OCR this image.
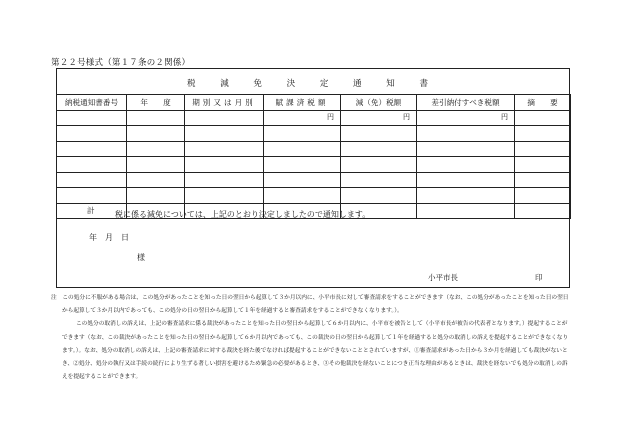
第２２号様式（第１７条の２関係）
税 減 免 決 定 通 知 書
納税通知書番号	年　　度	期別又は月別	賦課済税額	減（免）税額	差引納付すべき税額	摘　　要
			円	円	円	

計							税に係る減免については、上記のとおり決定しましたので通知します。
年　月　日
様
小平市長	印

注　この処分に不服がある場合は、この処分があったことを知った日の翌日から起算して３か月以内に、小平市長に対して審査請求をすることができます（なお、この処分があったことを知った日の翌日から起算して３か月以内であっても、この処分の日の翌日から起算して１年を経過すると審査請求をすることができなくなります。）。

この処分の取消しの訴えは、上記の審査請求に係る裁決があったことを知った日の翌日から起算して６か月以内に、小平市を被告として（小平市長が被告の代表者となります。）提起することができます（なお、この裁決があったことを知った日の翌日から起算して６か月以内であっても、この裁決の日の翌日から起算して１年を経過すると処分の取消しの訴えを提起することができなくなります。）。なお、処分の取消しの訴えは、上記の審査請求に対する裁決を経た後でなければ提起することができないこととされていますが、①審査請求があった日から３か月を経過しても裁決がないとき、②処分、処分の執行又は手続の続行により生ずる著しい損害を避けるため緊急の必要があるとき、③その他裁決を経ないことにつき正当な理由があるときは、裁決を経ないでも処分の取消しの訴えを提起することができます。
